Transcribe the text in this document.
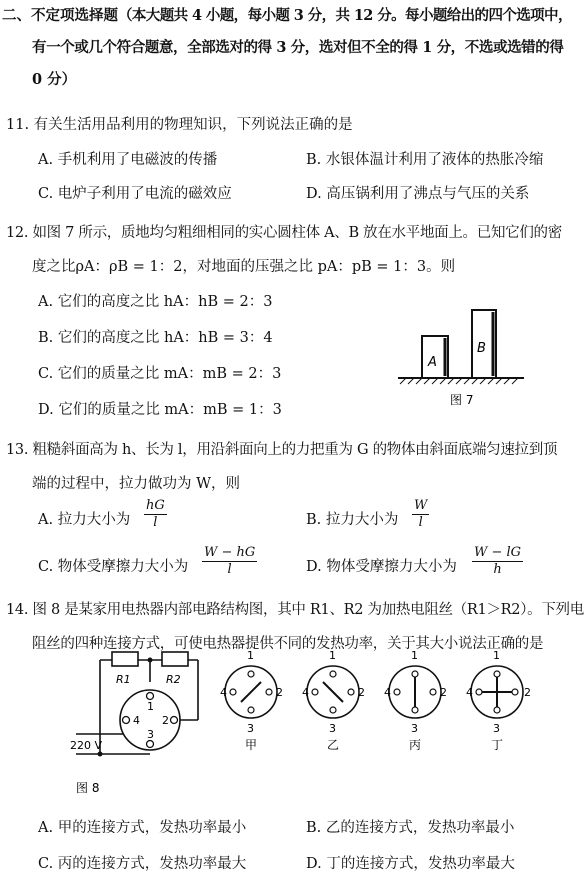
二、不定项选择题（本大题共 4 小题，每小题 3 分，共 12 分。每小题给出的四个选项中，
有一个或几个符合题意，全部选对的得 3 分，选对但不全的得 1 分，不选或选错的得
0 分）
11. 有关生活用品利用的物理知识，下列说法正确的是
A. 手机利用了电磁波的传播	B. 水银体温计利用了液体的热胀冷缩
C. 电炉子利用了电流的磁效应	D. 高压锅利用了沸点与气压的关系
12. 如图 7 所示，质地均匀粗细相同的实心圆柱体 A、B 放在水平地面上。已知它们的密
度之比ρA：ρB = 1：2，对地面的压强之比 pA：pB = 1：3。则
A. 它们的高度之比 hA：hB = 2：3
B. 它们的高度之比 hA：hB = 3：4
C. 它们的质量之比 mA：mB = 2：3
D. 它们的质量之比 mA：mB = 1：3
A
B
图 7
13. 粗糙斜面高为 h、长为 l，用沿斜面向上的力把重为 G 的物体由斜面底端匀速拉到顶
端的过程中，拉力做功为 W，则
A. 拉力大小为 $\frac{hG}{l}$	B. 拉力大小为 $\frac{W}{l}$
C. 物体受摩擦力大小为 $\frac{W - hG}{l}$	D. 物体受摩擦力大小为 $\frac{W - lG}{h}$
14. 图 8 是某家用电热器内部电路结构图，其中 R1、R2 为加热电阻丝（R1＞R2）。下列电
阻丝的四种连接方式，可使电热器提供不同的发热功率，关于其大小说法正确的是
R1	R2
1
2
3
4
220 V
图 8
1
4	2
3
甲
1
4	2
3
乙
1
4	2
3
丙
1
4	2
3
丁
A. 甲的连接方式，发热功率最小	B. 乙的连接方式，发热功率最小
C. 丙的连接方式，发热功率最大	D. 丁的连接方式，发热功率最大
